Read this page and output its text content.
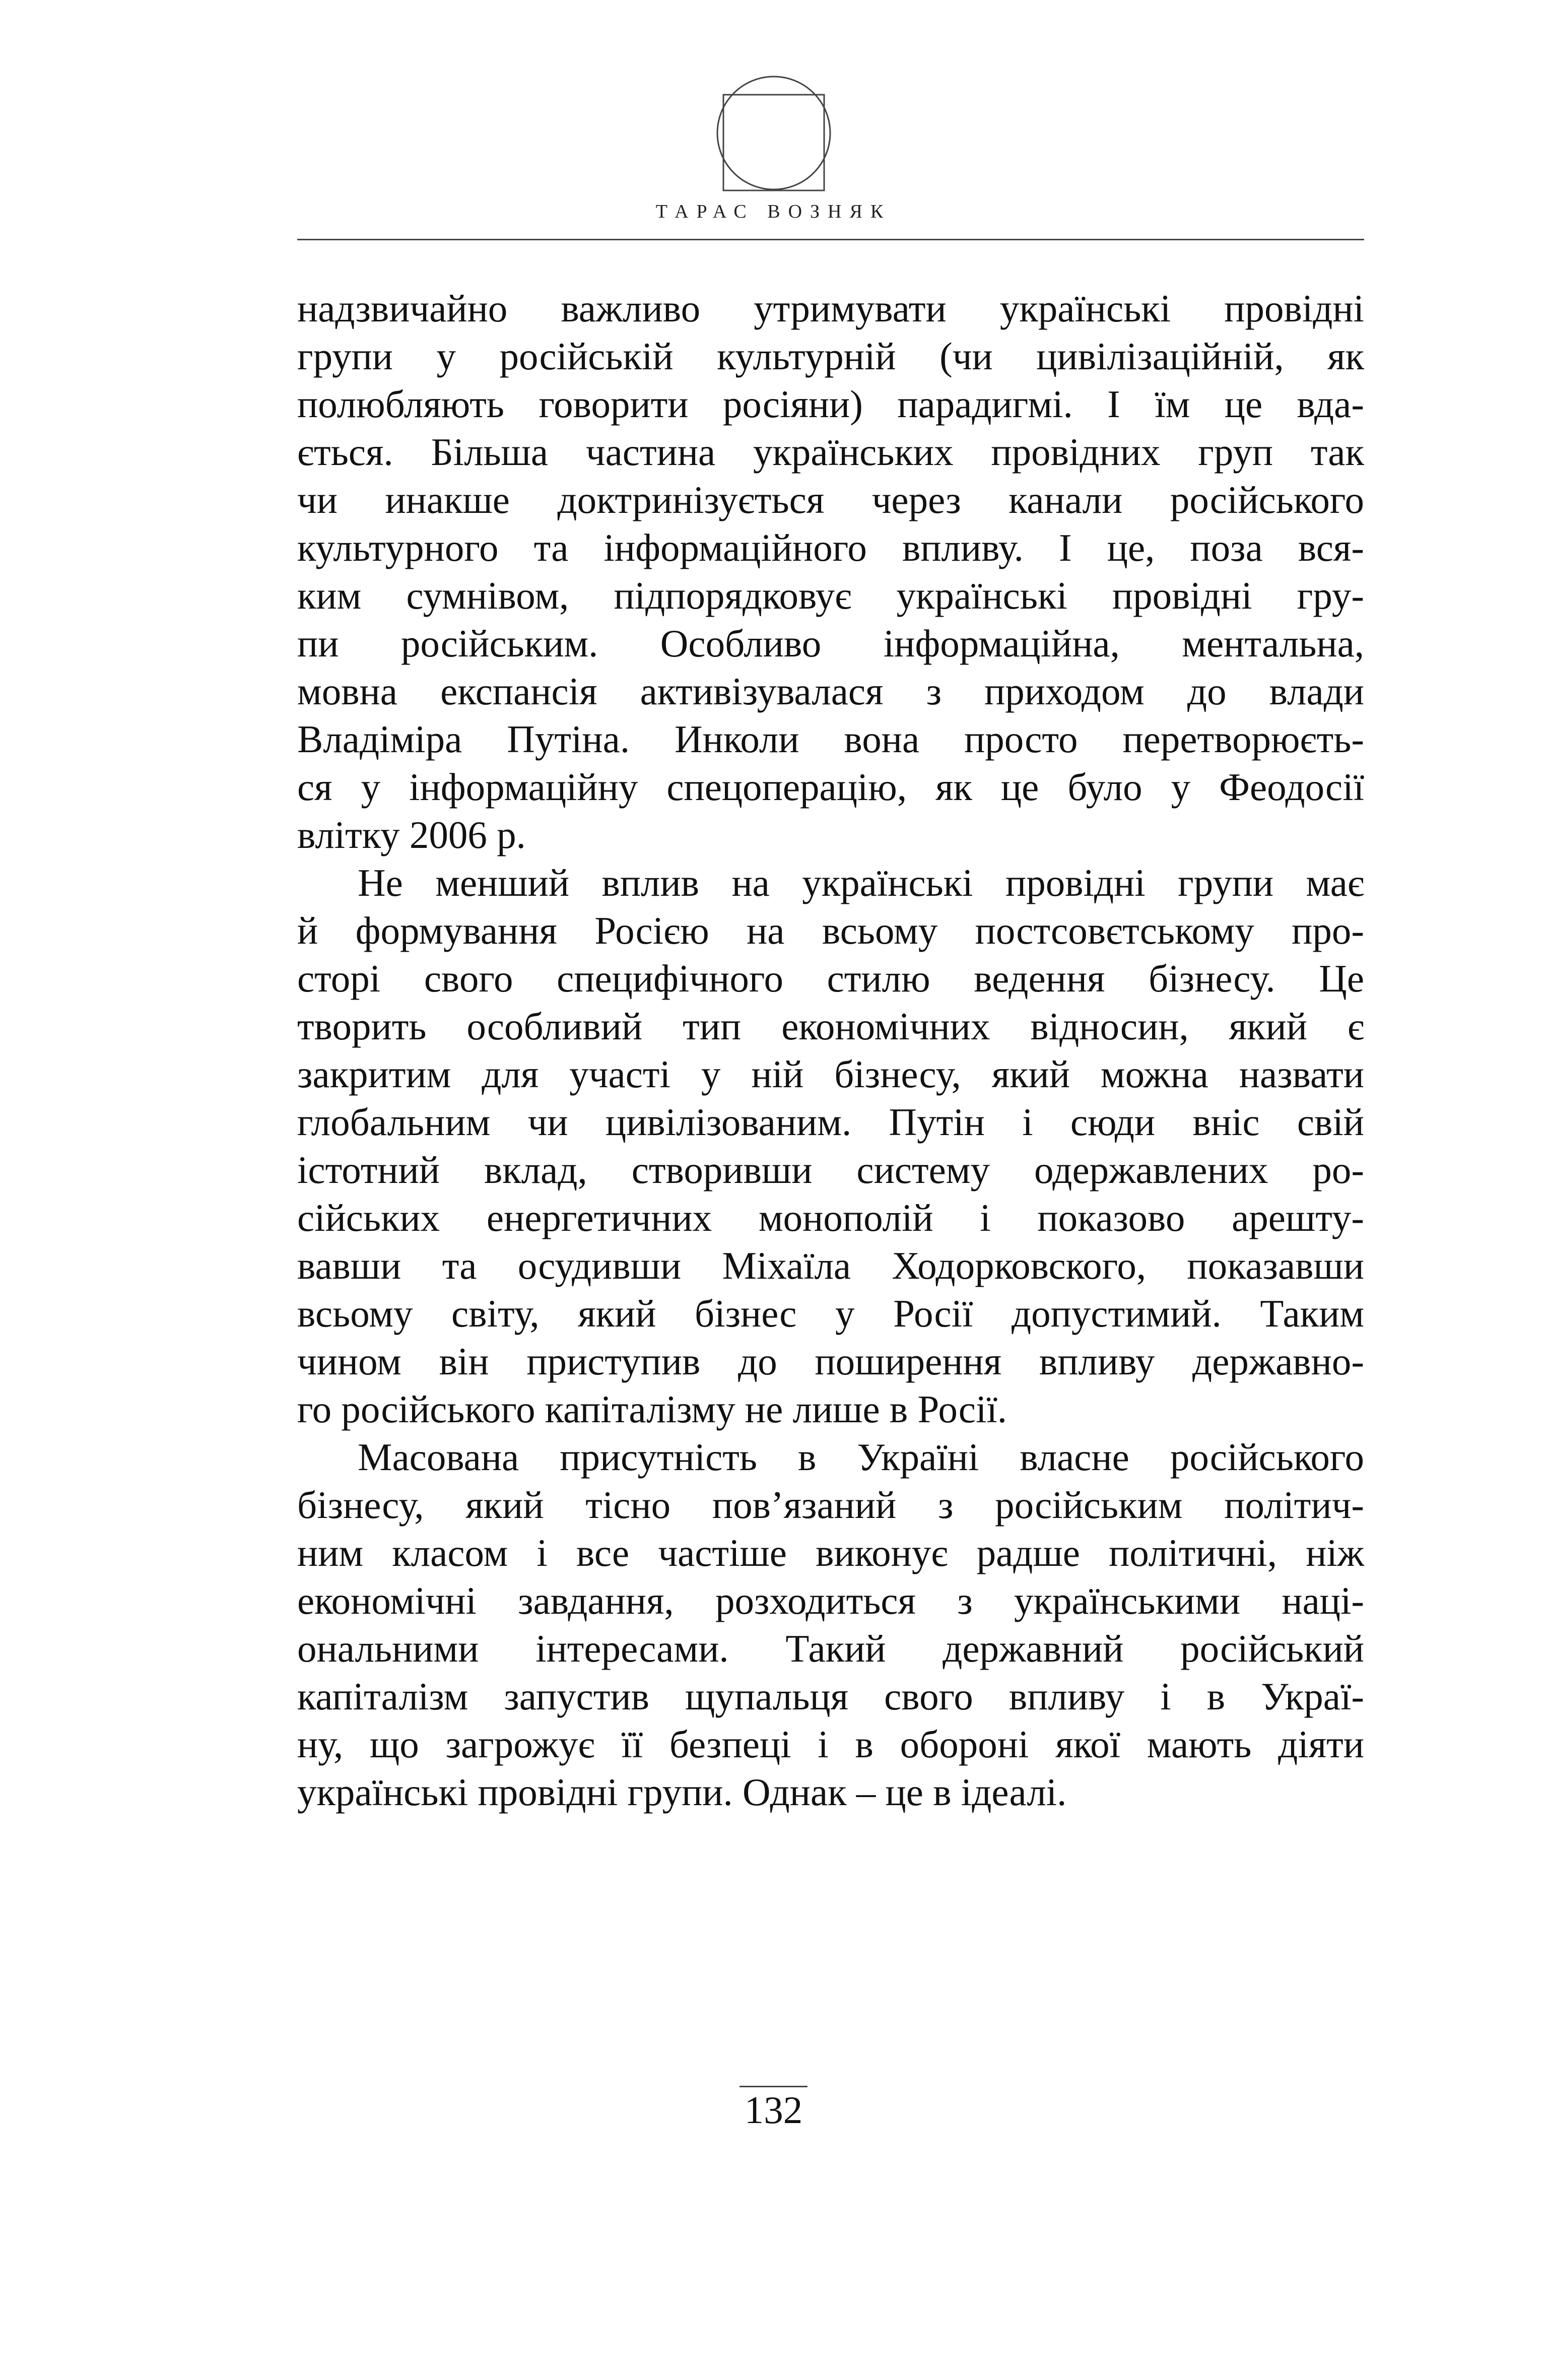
ТАРАС ВОЗНЯК
надзвичайно важливо утримувати українські провідні
групи у російській культурній (чи цивілізаційній, як
полюбляють говорити росіяни) парадигмі. І їм це вда-
ється. Більша частина українських провідних груп так
чи инакше доктринізується через канали російського
культурного та інформаційного впливу. І це, поза вся-
ким сумнівом, підпорядковує українські провідні гру-
пи російським. Особливо інформаційна, ментальна,
мовна експансія активізувалася з приходом до влади
Владіміра Путіна. Инколи вона просто перетворюєть-
ся у інформаційну спецоперацію, як це було у Феодосії
влітку 2006 р.
Не менший вплив на українські провідні групи має
й формування Росією на всьому постсовєтському про-
сторі свого специфічного стилю ведення бізнесу. Це
творить особливий тип економічних відносин, який є
закритим для участі у ній бізнесу, який можна назвати
глобальним чи цивілізованим. Путін і сюди вніс свій
істотний вклад, створивши систему одержавлених ро-
сійських енергетичних монополій і показово арешту-
вавши та осудивши Міхаїла Ходорковского, показавши
всьому світу, який бізнес у Росії допустимий. Таким
чином він приступив до поширення впливу державно-
го російського капіталізму не лише в Росії.
Масована присутність в Україні власне російського
бізнесу, який тісно пов’язаний з російським політич-
ним класом і все частіше виконує радше політичні, ніж
економічні завдання, розходиться з українськими наці-
ональними інтересами. Такий державний російський
капіталізм запустив щупальця свого впливу і в Украї-
ну, що загрожує її безпеці і в обороні якої мають діяти
українські провідні групи. Однак – це в ідеалі.
132
